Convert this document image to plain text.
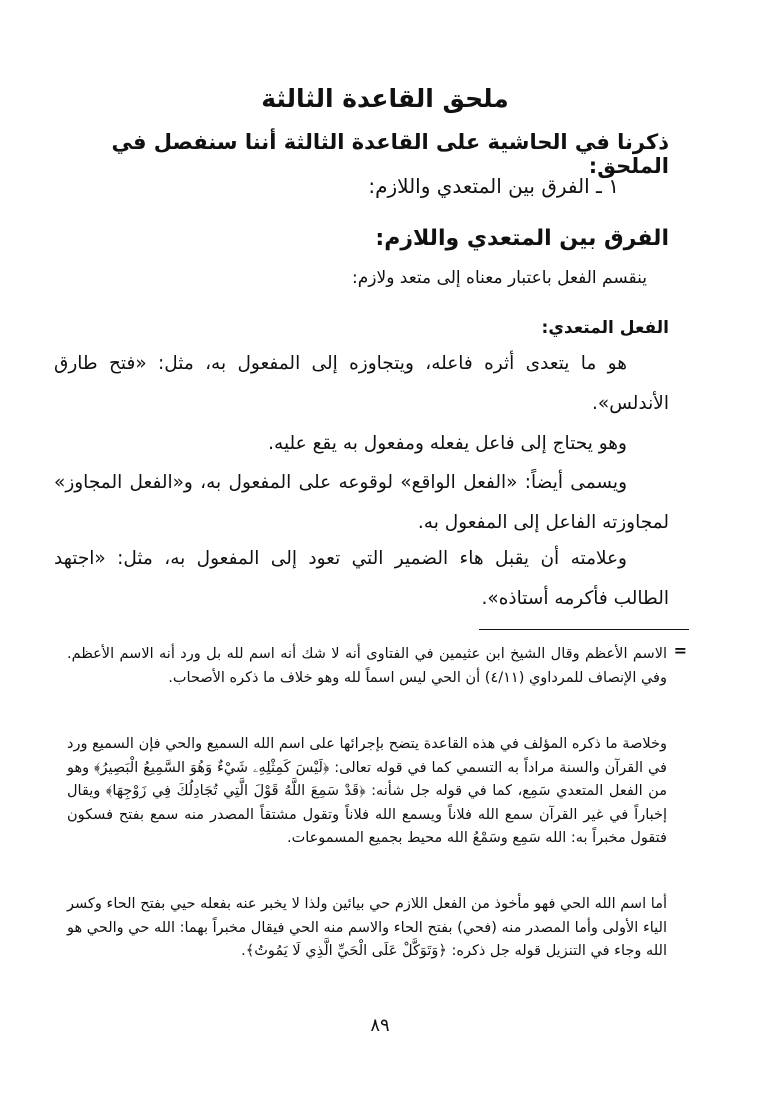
ملحق القاعدة الثالثة
ذكرنا في الحاشية على القاعدة الثالثة أننا سنفصل في الملحق:
١ ـ الفرق بين المتعدي واللازم:
الفرق بين المتعدي واللازم:
ينقسم الفعل باعتبار معناه إلى متعد ولازم:
الفعل المتعدي:
هو ما يتعدى أثره فاعله، ويتجاوزه إلى المفعول به، مثل: «فتح طارق الأندلس».
وهو يحتاج إلى فاعل يفعله ومفعول به يقع عليه.
ويسمى أيضاً: «الفعل الواقع» لوقوعه على المفعول به، و«الفعل المجاوز» لمجاوزته الفاعل إلى المفعول به.
وعلامته أن يقبل هاء الضمير التي تعود إلى المفعول به، مثل: «اجتهد الطالب فأكرمه أستاذه».
=
الاسم الأعظم وقال الشيخ ابن عثيمين في الفتاوى أنه لا شك أنه اسم لله بل ورد أنه الاسم الأعظم. وفي الإنصاف للمرداوي (٤/١١) أن الحي ليس اسماً لله وهو خلاف ما ذكره الأصحاب.
وخلاصة ما ذكره المؤلف في هذه القاعدة يتضح بإجرائها على اسم الله السميع والحي فإن السميع ورد في القرآن والسنة مراداً به التسمي كما في قوله تعالى: ﴿لَيْسَ كَمِثْلِهِۦ شَيْءٌ وَهُوَ السَّمِيعُ الْبَصِيرُ﴾ وهو من الفعل المتعدي سَمِع، كما في قوله جل شأنه: ﴿قَدْ سَمِعَ اللَّهُ قَوْلَ الَّتِي تُجَادِلُكَ فِي زَوْجِهَا﴾ ويقال إخباراً في غير القرآن سمع الله فلاناً ويسمع الله فلاناً وتقول مشتقاً المصدر منه سمع بفتح فسكون فتقول مخبراً به: الله سَمِع وسَمْعُ الله محيط بجميع المسموعات.
أما اسم الله الحي فهو مأخوذ من الفعل اللازم حي بيائين ولذا لا يخبر عنه بفعله حيي بفتح الحاء وكسر الياء الأولى وأما المصدر منه (فحي) بفتح الحاء والاسم منه الحي فيقال مخبراً بهما: الله حي والحي هو الله وجاء في التنزيل قوله جل ذكره: ﴿وَتَوَكَّلْ عَلَى الْحَيِّ الَّذِي لَا يَمُوتُ﴾.
٨٩
